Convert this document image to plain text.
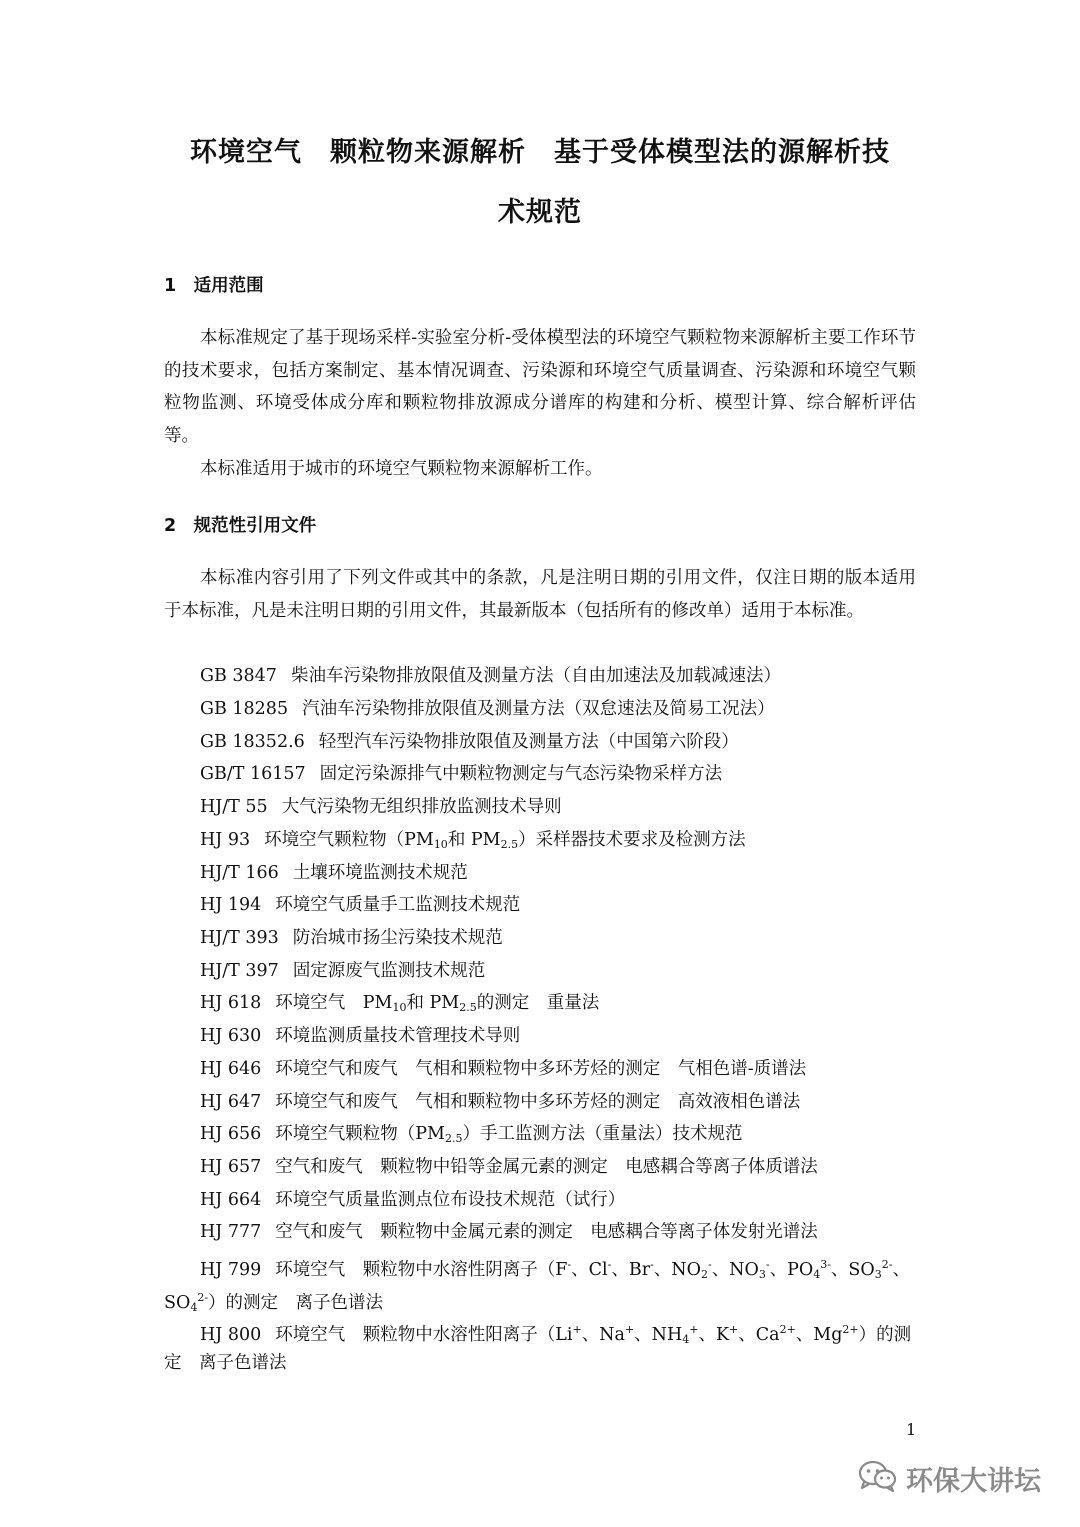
环境空气　颗粒物来源解析　基于受体模型法的源解析技
术规范
1　适用范围

本标准规定了基于现场采样-实验室分析-受体模型法的环境空气颗粒物来源解析主要工作环节的技术要求，包括方案制定、基本情况调查、污染源和环境空气质量调查、污染源和环境空气颗粒物监测、环境受体成分库和颗粒物排放源成分谱库的构建和分析、模型计算、综合解析评估等。

本标准适用于城市的环境空气颗粒物来源解析工作。

2　规范性引用文件

本标准内容引用了下列文件或其中的条款，凡是注明日期的引用文件，仅注日期的版本适用于本标准，凡是未注明日期的引用文件，其最新版本（包括所有的修改单）适用于本标准。

GB 3847 柴油车污染物排放限值及测量方法（自由加速法及加载减速法）

GB 18285 汽油车污染物排放限值及测量方法（双怠速法及简易工况法）

GB 18352.6 轻型汽车污染物排放限值及测量方法（中国第六阶段）

GB/T 16157 固定污染源排气中颗粒物测定与气态污染物采样方法

HJ/T 55 大气污染物无组织排放监测技术导则

HJ 93 环境空气颗粒物（$PM_{10}$和 $PM_{2.5}$）采样器技术要求及检测方法

HJ/T 166 土壤环境监测技术规范

HJ 194 环境空气质量手工监测技术规范

HJ/T 393 防治城市扬尘污染技术规范

HJ/T 397 固定源废气监测技术规范

HJ 618 环境空气　$PM_{10}$和 $PM_{2.5}$的测定　重量法

HJ 630 环境监测质量技术管理技术导则

HJ 646 环境空气和废气　气相和颗粒物中多环芳烃的测定　气相色谱-质谱法

HJ 647 环境空气和废气　气相和颗粒物中多环芳烃的测定　高效液相色谱法

HJ 656 环境空气颗粒物$(PM_{2.5})$手工监测方法（重量法）技术规范

HJ 657 空气和废气　颗粒物中铅等金属元素的测定　电感耦合等离子体质谱法

HJ 664 环境空气质量监测点位布设技术规范（试行）

HJ 777 空气和废气　颗粒物中金属元素的测定　电感耦合等离子体发射光谱法

HJ 799 环境空气　颗粒物中水溶性阴离子（F-、Cl-、Br-、$NO_2^-$、$NO_3^-$、$PO_4^{3-}$、$SO_3^{2-}$、

$SO_4^{2-}$）的测定　离子色谱法

HJ 800 环境空气　颗粒物中水溶性阳离子（Li+、Na+、$NH_4^+$、K+、$Ca^{2+}$、$Mg^{2+}$）的测

定　离子色谱法

1

环保大讲坛
